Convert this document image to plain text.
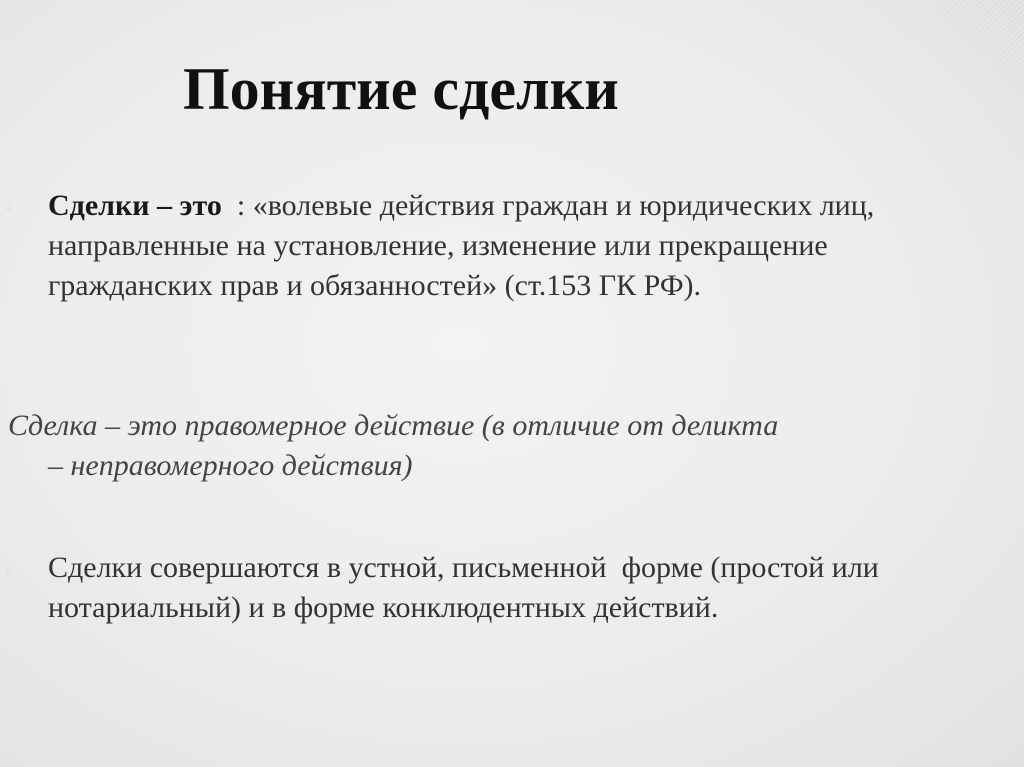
Понятие сделки
◦ Сделки – это  : «волевые действия граждан и юридических лиц, направленные на установление, изменение или прекращение гражданских прав и обязанностей» (ст.153 ГК РФ).
Сделка – это правомерное действие (в отличие от деликта
– неправомерного действия)
◦ Сделки совершаются в устной, письменной  форме (простой или нотариальный) и в форме конклюдентных действий.
